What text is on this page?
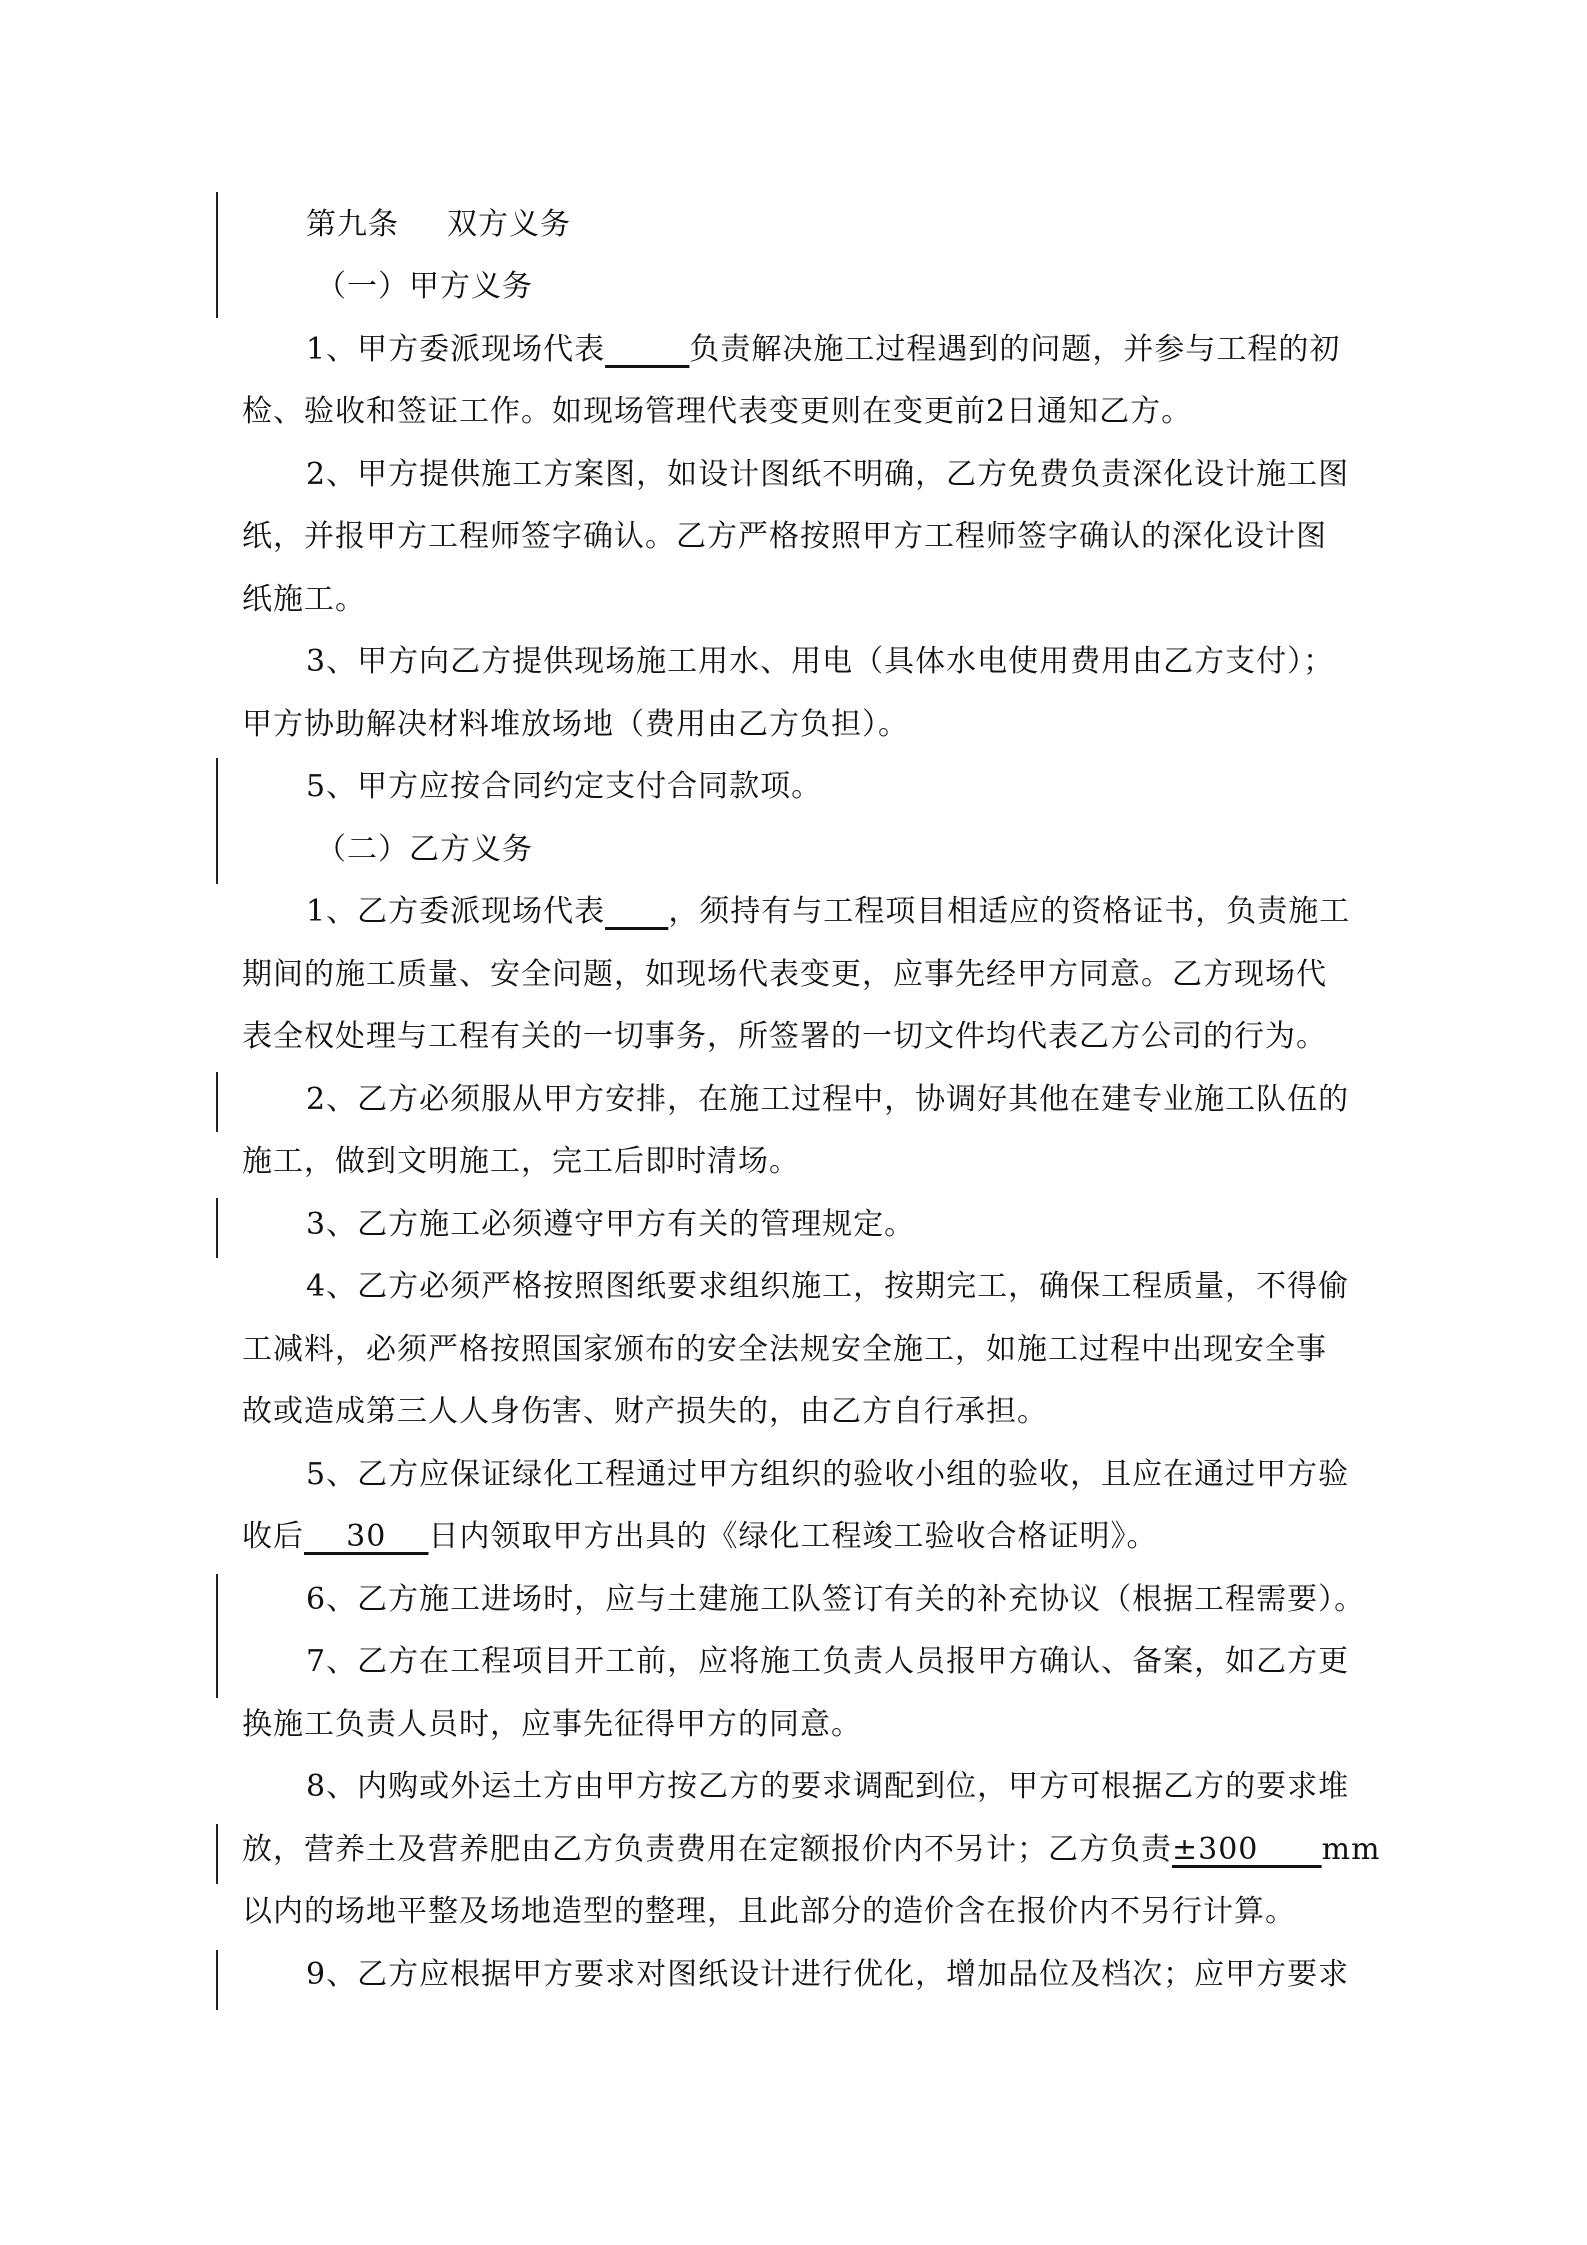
第九条 双方义务
（一）甲方义务
1、甲方委派现场代表	负责解决施工过程遇到的问题，并参与工程的初
检、验收和签证工作。如现场管理代表变更则在变更前2日通知乙方。
2、甲方提供施工方案图，如设计图纸不明确，乙方免费负责深化设计施工图
纸，并报甲方工程师签字确认。乙方严格按照甲方工程师签字确认的深化设计图
纸施工。
3、甲方向乙方提供现场施工用水、用电（具体水电使用费用由乙方支付）；
甲方协助解决材料堆放场地（费用由乙方负担）。
5、甲方应按合同约定支付合同款项。
（二）乙方义务
1、乙方委派现场代表 ，须持有与工程项目相适应的资格证书，负责施工
期间的施工质量、安全问题，如现场代表变更，应事先经甲方同意。乙方现场代
表全权处理与工程有关的一切事务，所签署的一切文件均代表乙方公司的行为。
2、乙方必须服从甲方安排，在施工过程中，协调好其他在建专业施工队伍的
施工，做到文明施工，完工后即时清场。
3、乙方施工必须遵守甲方有关的管理规定。
4、乙方必须严格按照图纸要求组织施工，按期完工，确保工程质量，不得偷
工减料，必须严格按照国家颁布的安全法规安全施工，如施工过程中出现安全事
故或造成第三人人身伤害、财产损失的，由乙方自行承担。
5、乙方应保证绿化工程通过甲方组织的验收小组的验收，且应在通过甲方验
收后    30    日内领取甲方出具的《绿化工程竣工验收合格证明》。
6、乙方施工进场时，应与土建施工队签订有关的补充协议（根据工程需要）。
7、乙方在工程项目开工前，应将施工负责人员报甲方确认、备案，如乙方更
换施工负责人员时，应事先征得甲方的同意。
8、内购或外运土方由甲方按乙方的要求调配到位，甲方可根据乙方的要求堆
放，营养土及营养肥由乙方负责费用在定额报价内不另计；乙方负责±300 mm
以内的场地平整及场地造型的整理，且此部分的造价含在报价内不另行计算。
9、乙方应根据甲方要求对图纸设计进行优化，增加品位及档次；应甲方要求
